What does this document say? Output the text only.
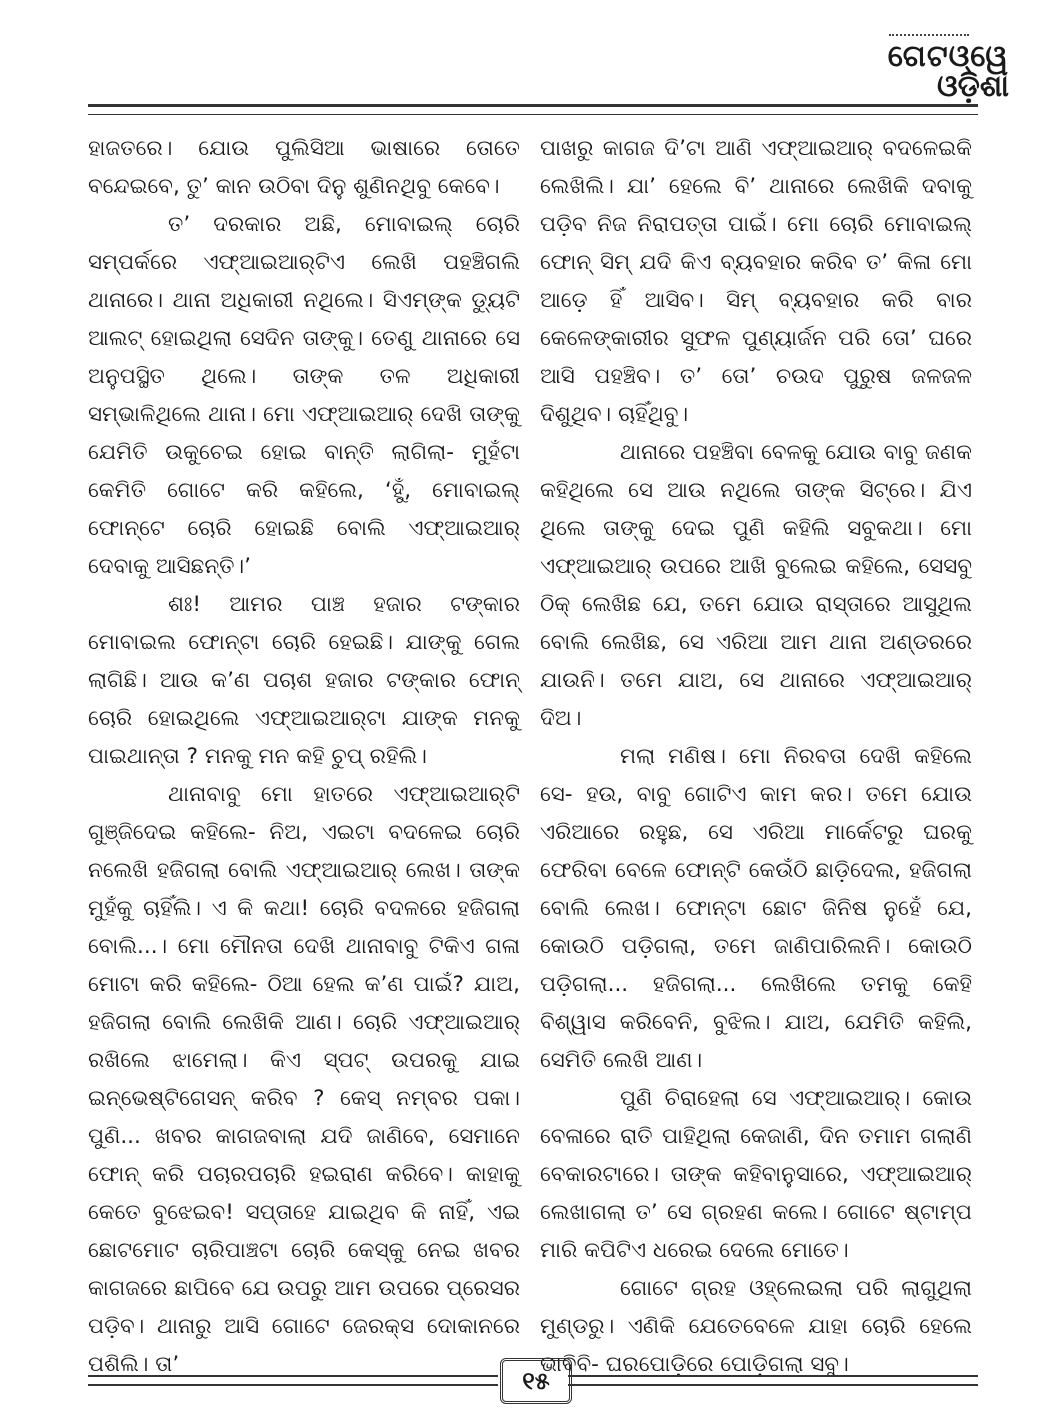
ଗେଟଓ୍ୱେ
ଓଡ଼ିଶା

ହାଜତରେ। ଯୋଉ ପୁଲିସିଆ ଭାଷାରେ ତୋତେ ବନ୍ଦେଇବେ, ତୁ’ କାନ ଉଠିବା ଦିନୁ ଶୁଣିନଥିବୁ କେବେ।

ତ’ ଦରକାର ଅଛି, ମୋବାଇଲ୍ ଚୋରି ସମ୍ପର୍କରେ ଏଫ୍‌ଆଇଆର୍‌ଟିଏ ଲେଖି ପହଞ୍ଚିଗଲି ଥାନାରେ। ଥାନା ଅଧିକାରୀ ନଥିଲେ। ସିଏମ୍‌ଙ୍କ ଡ୍ୟୁଟି ଆଲଟ୍ ହୋଇଥିଲା ସେଦିନ ତାଙ୍କୁ। ତେଣୁ ଥାନାରେ ସେ ଅନୁପସ୍ଥିତ ଥିଲେ। ତାଙ୍କ ତଳ ଅଧିକାରୀ ସମ୍ଭାଳିଥିଲେ ଥାନା। ମୋ ଏଫ୍‌ଆଇଆର୍ ଦେଖି ତାଙ୍କୁ ଯେମିତି ଉକୁଚେଇ ହୋଇ ବାନ୍ତି ଲାଗିଲା- ମୁହଁଟା କେମିତି ଗୋଟେ କରି କହିଲେ, ‘ହୁଁ, ମୋବାଇଲ୍ ଫୋନ୍‌ଟେ ଚୋରି ହୋଇଛି ବୋଲି ଏଫ୍‌ଆଇଆର୍ ଦେବାକୁ ଆସିଛନ୍ତି।’

ଶଃ! ଆମର ପାଞ୍ଚ ହଜାର ଟଙ୍କାର ମୋବାଇଲ ଫୋନ୍‌ଟା ଚୋରି ହେଇଛି। ଯାଙ୍କୁ ଗେଲ ଲାଗିଛି। ଆଉ କ’ଣ ପଚାଶ ହଜାର ଟଙ୍କାର ଫୋନ୍ ଚୋରି ହୋଇଥିଲେ ଏଫ୍‌ଆଇଆର୍‌ଟା ଯାଙ୍କ ମନକୁ ପାଇଥାନ୍ତା ? ମନକୁ ମନ କହି ଚୁପ୍ ରହିଲି।

ଥାନାବାବୁ ମୋ ହାତରେ ଏଫ୍‌ଆଇଆର୍‌ଟି ଗୁଞ୍ଜିଦେଇ କହିଲେ- ନିଅ, ଏଇଟା ବଦଳେଇ ଚୋରି ନଲେଖି ହଜିଗଲା ବୋଲି ଏଫ୍‌ଆଇଆର୍ ଲେଖ। ତାଙ୍କ ମୁହଁକୁ ଚାହିଁଲି। ଏ କି କଥା! ଚୋରି ବଦଳରେ ହଜିଗଲା ବୋଲି...। ମୋ ମୌନତା ଦେଖି ଥାନାବାବୁ ଟିକିଏ ଗଳା ମୋଟା କରି କହିଲେ- ଠିଆ ହେଲ କ’ଣ ପାଇଁ? ଯାଅ, ହଜିଗଲା ବୋଲି ଲେଖିକି ଆଣ। ଚୋରି ଏଫ୍‌ଆଇଆର୍ ରଖିଲେ ଝାମେଲା। କିଏ ସ୍ପଟ୍ ଉପରକୁ ଯାଇ ଇନ୍‌ଭେଷ୍ଟିଗେସନ୍ କରିବ ? କେସ୍ ନମ୍ବର ପକା। ପୁଣି... ଖବର କାଗଜବାଲା ଯଦି ଜାଣିବେ, ସେମାନେ ଫୋନ୍ କରି ପଚାରପଚାରି ହଇରାଣ କରିବେ। କାହାକୁ କେତେ ବୁଝେଇବ! ସପ୍ତାହେ ଯାଇଥିବ କି ନାହିଁ, ଏଇ ଛୋଟମୋଟ ଚାରିପାଞ୍ଚଟା ଚୋରି କେସ୍‌କୁ ନେଇ ଖବର କାଗଜରେ ଛାପିବେ ଯେ ଉପରୁ ଆମ ଉପରେ ପ୍ରେସର ପଡ଼ିବ। ଥାନାରୁ ଆସି ଗୋଟେ ଜେରକ୍ସ ଦୋକାନରେ ପଶିଲି। ତା’

ପାଖରୁ କାଗଜ ଦି’ଟା ଆଣି ଏଫ୍‌ଆଇଆର୍ ବଦଳେଇକି ଲେଖିଲି। ଯା’ ହେଲେ ବି’ ଥାନାରେ ଲେଖିକି ଦବାକୁ ପଡ଼ିବ ନିଜ ନିରାପତ୍ତା ପାଇଁ। ମୋ ଚୋରି ମୋବାଇଲ୍ ଫୋନ୍ ସିମ୍ ଯଦି କିଏ ବ୍ୟବହାର କରିବ ତ’ କିଳା ମୋ ଆଡ଼େ ହିଁ ଆସିବ। ସିମ୍ ବ୍ୟବହାର କରି ବାର କେଳେଙ୍କାରୀର ସୁଫଳ ପୁଣ୍ୟାର୍ଜନ ପରି ତୋ’ ଘରେ ଆସି ପହଞ୍ଚିବ। ତ’ ତୋ’ ଚଉଦ ପୁରୁଷ ଜଳଜଳ ଦିଶୁଥିବ। ଚାହିଁଥିବୁ।

ଥାନାରେ ପହଞ୍ଚିବା ବେଳକୁ ଯୋଉ ବାବୁ ଜଣକ କହିଥିଲେ ସେ ଆଉ ନଥିଲେ ତାଙ୍କ ସିଟ୍‌ରେ। ଯିଏ ଥିଲେ ତାଙ୍କୁ ଦେଇ ପୁଣି କହିଲି ସବୁକଥା। ମୋ ଏଫ୍‌ଆଇଆର୍ ଉପରେ ଆଖି ବୁଲେଇ କହିଲେ, ସେସବୁ ଠିକ୍ ଲେଖିଛ ଯେ, ତମେ ଯୋଉ ରାସ୍ତାରେ ଆସୁଥିଲ ବୋଲି ଲେଖିଛ, ସେ ଏରିଆ ଆମ ଥାନା ଅଣ୍ଡରରେ ଯାଉନି। ତମେ ଯାଅ, ସେ ଥାନାରେ ଏଫ୍‌ଆଇଆର୍ ଦିଅ।

ମଲା ମଣିଷ। ମୋ ନିରବତା ଦେଖି କହିଲେ ସେ- ହଉ, ବାବୁ ଗୋଟିଏ କାମ କର। ତମେ ଯୋଉ ଏରିଆରେ ରହୁଛ, ସେ ଏରିଆ ମାର୍କେଟରୁ ଘରକୁ ଫେରିବା ବେଳେ ଫୋନ୍‌ଟି କେଉଁଠି ଛାଡ଼ିଦେଲ, ହଜିଗଲା ବୋଲି ଲେଖ। ଫୋନ୍‌ଟା ଛୋଟ ଜିନିଷ ନୁହେଁ ଯେ, କୋଉଠି ପଡ଼ିଗଲା, ତମେ ଜାଣିପାରିଲନି। କୋଉଠି ପଡ଼ିଗଲା... ହଜିଗଲା... ଲେଖିଲେ ତମକୁ କେହି ବିଶ୍ୱାସ କରିବେନି, ବୁଝିଲ। ଯାଅ, ଯେମିତି କହିଲି, ସେମିତି ଲେଖି ଆଣ।

ପୁଣି ଚିରାହେଲା ସେ ଏଫ୍‌ଆଇଆର୍। କୋଉ ବେଳାରେ ରାତି ପାହିଥିଲା କେଜାଣି, ଦିନ ତମାମ ଗଲାଣି ବେକାରଟାରେ। ତାଙ୍କ କହିବାନୁସାରେ, ଏଫ୍‌ଆଇଆର୍ ଲେଖାଗଲା ତ’ ସେ ଗ୍ରହଣ କଲେ। ଗୋଟେ ଷ୍ଟାମ୍ପ ମାରି କପିଟିଏ ଧରେଇ ଦେଲେ ମୋତେ।

ଗୋଟେ ଗ୍ରହ ଓହ୍ଲେଇଲା ପରି ଲାଗୁଥିଲା ମୁଣ୍ଡରୁ। ଏଣିକି ଯେତେବେଳେ ଯାହା ଚୋରି ହେଲେ ଭାବିବି- ଘରପୋଡ଼ିରେ ପୋଡ଼ିଗଲା ସବୁ।

୧୫
